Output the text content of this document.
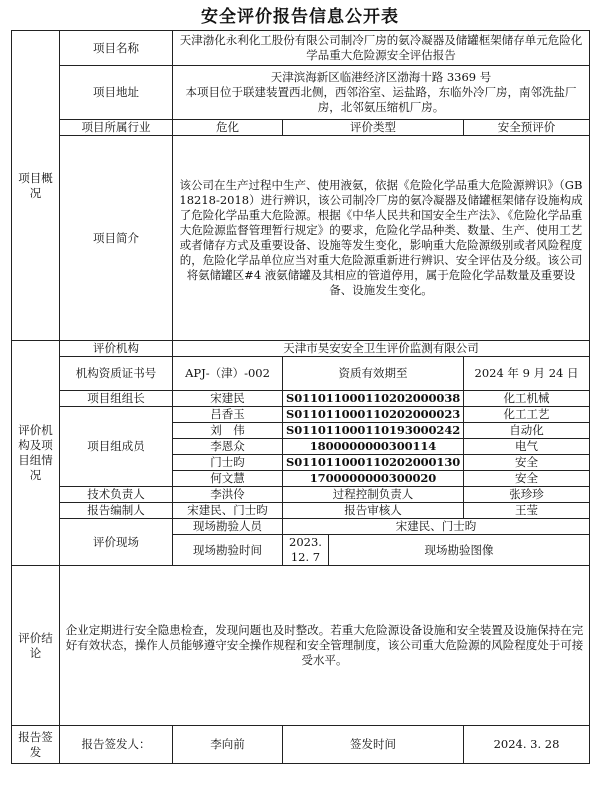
安全评价报告信息公开表
项目概况	项目名称	天津渤化永利化工股份有限公司制冷厂房的氨冷凝器及储罐框架储存单元危险化学品重大危险源安全评估报告				
	项目地址	天津滨海新区临港经济区渤海十路 3369 号
本项目位于联建装置西北侧，西邻浴室、运盐路，东临外冷厂房，南邻洗盐厂房，北邻氨压缩机厂房。				

	项目所属行业	危化	评价类型		安全预评价	
	项目简介	该公司在生产过程中生产、使用液氨，依据《危险化学品重大危险源辨识》（GB 18218-2018）进行辨识，该公司制冷厂房的氨冷凝器及储罐框架储存设施构成了危险化学品重大危险源。根据《中华人民共和国安全生产法》、《危险化学品重大危险源监督管理暂行规定》的要求，危险化学品种类、数量、生产、使用工艺或者储存方式及重要设备、设施等发生变化，影响重大危险源级别或者风险程度的，危险化学品单位应当对重大危险源重新进行辨识、安全评估及分级。该公司将氨储罐区#4 液氨储罐及其相应的管道停用，属于危险化学品数量及重要设备、设施发生变化。				
评价机构及项目组情况	评价机构	天津市昊安安全卫生评价监测有限公司				
	机构资质证书号	APJ-（津）-002	资质有效期至		2024 年 9 月 24 日	
	项目组组长	宋建民	S011011000110202000038		化工机械	
	项目组成员	吕香玉	S011011000110202000023		化工工艺	
		刘　伟	S011011000110193000242		自动化	
		李恩众	1800000000300114		电气	
		门士昀	S011011000110202000130		安全	
		何文慧	1700000000300020		安全	
	技术负责人	李洪伶	过程控制负责人		张珍珍	
	报告编制人	宋建民、门士昀	报告审核人		王莹	
	评价现场	现场勘验人员	宋建民、门士昀			
		现场勘验时间	2023. 12. 7	现场勘验图像		
评价结论	企业定期进行安全隐患检查，发现问题也及时整改。若重大危险源设备设施和安全装置及设施保持在完好有效状态，操作人员能够遵守安全操作规程和安全管理制度，该公司重大危险源的风险程度处于可接受水平。					
报告签发	报告签发人：	李向前	签发时间		2024. 3. 28	
